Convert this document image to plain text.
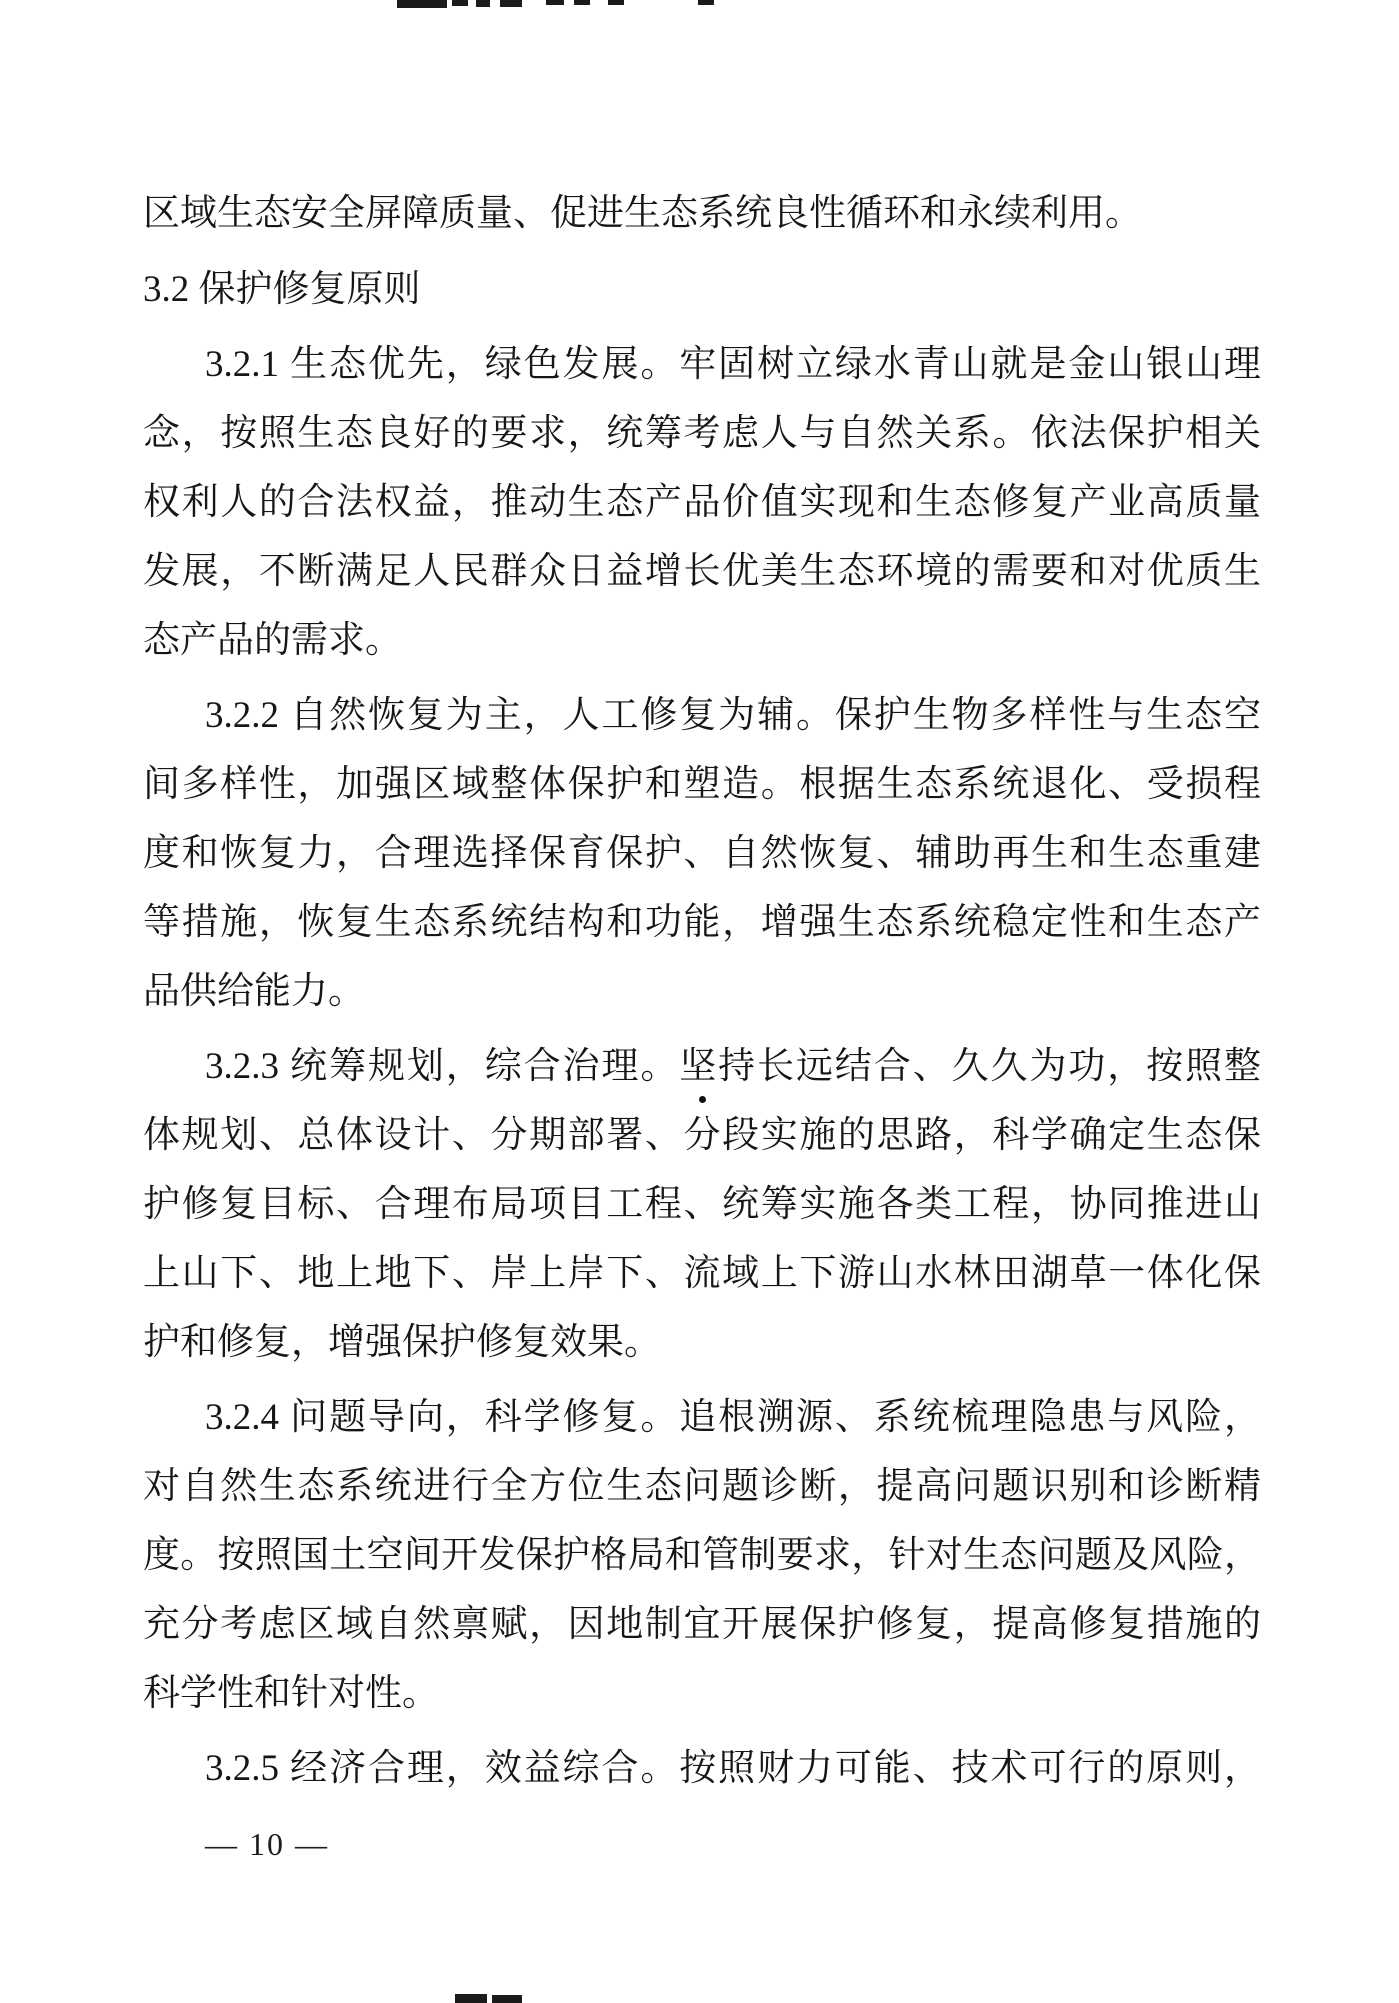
区域生态安全屏障质量、促进生态系统良性循环和永续利用。
3.2 保护修复原则
3.2.1 生态优先，绿色发展。牢固树立绿水青山就是金山银山理
念，按照生态良好的要求，统筹考虑人与自然关系。依法保护相关
权利人的合法权益，推动生态产品价值实现和生态修复产业高质量
发展，不断满足人民群众日益增长优美生态环境的需要和对优质生
态产品的需求。
3.2.2 自然恢复为主，人工修复为辅。保护生物多样性与生态空
间多样性，加强区域整体保护和塑造。根据生态系统退化、受损程
度和恢复力，合理选择保育保护、自然恢复、辅助再生和生态重建
等措施，恢复生态系统结构和功能，增强生态系统稳定性和生态产
品供给能力。
3.2.3 统筹规划，综合治理。坚持长远结合、久久为功，按照整
体规划、总体设计、分期部署、分段实施的思路，科学确定生态保
护修复目标、合理布局项目工程、统筹实施各类工程，协同推进山
上山下、地上地下、岸上岸下、流域上下游山水林田湖草一体化保
护和修复，增强保护修复效果。
3.2.4 问题导向，科学修复。追根溯源、系统梳理隐患与风险，
对自然生态系统进行全方位生态问题诊断，提高问题识别和诊断精
度。按照国土空间开发保护格局和管制要求，针对生态问题及风险，
充分考虑区域自然禀赋，因地制宜开展保护修复，提高修复措施的
科学性和针对性。
3.2.5 经济合理，效益综合。按照财力可能、技术可行的原则，
— 10 —
